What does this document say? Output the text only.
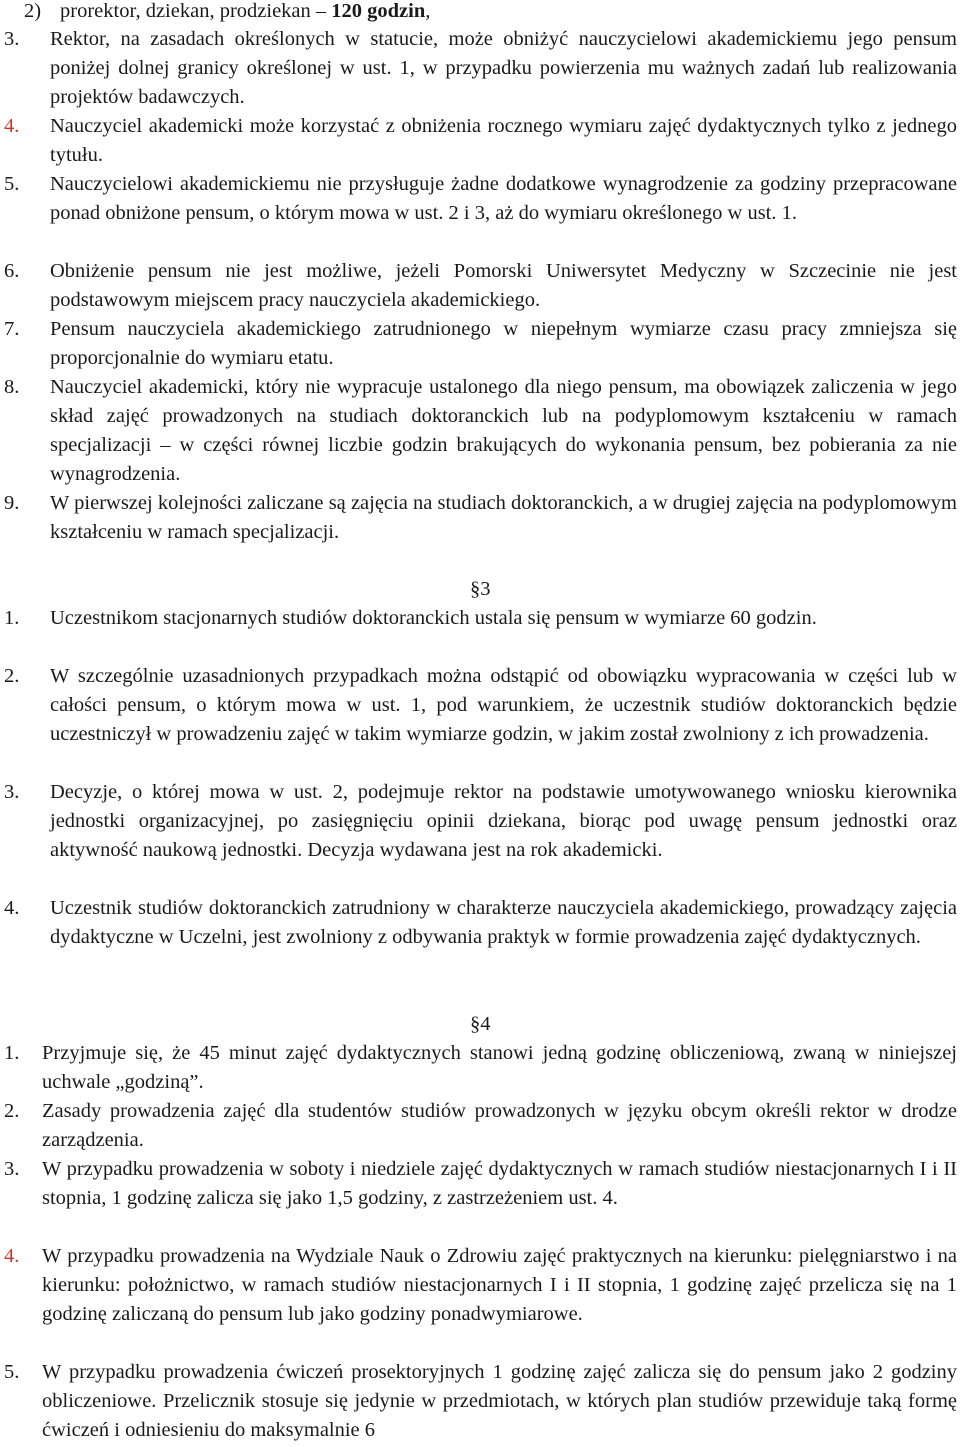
2) prorektor, dziekan, prodziekan – 120 godzin,
3.	Rektor, na zasadach określonych w statucie, może obniżyć nauczycielowi akademickiemu jego pensum poniżej dolnej granicy określonej w ust. 1, w przypadku powierzenia mu ważnych zadań lub realizowania projektów badawczych.
4.	Nauczyciel akademicki może korzystać z obniżenia rocznego wymiaru zajęć dydaktycznych tylko z jednego tytułu.
5.	Nauczycielowi akademickiemu nie przysługuje żadne dodatkowe wynagrodzenie za godziny przepracowane ponad obniżone pensum, o którym mowa w ust. 2 i 3, aż do wymiaru określonego w ust. 1.
6.	Obniżenie pensum nie jest możliwe, jeżeli Pomorski Uniwersytet Medyczny w Szczecinie nie jest podstawowym miejscem pracy nauczyciela akademickiego.
7.	Pensum nauczyciela akademickiego zatrudnionego w niepełnym wymiarze czasu pracy zmniejsza się proporcjonalnie do wymiaru etatu.
8.	Nauczyciel akademicki, który nie wypracuje ustalonego dla niego pensum, ma obowiązek zaliczenia w jego skład zajęć prowadzonych na studiach doktoranckich lub na podyplomowym kształceniu w ramach specjalizacji – w części równej liczbie godzin brakujących do wykonania pensum, bez pobierania za nie wynagrodzenia.
9.	W pierwszej kolejności zaliczane są zajęcia na studiach doktoranckich, a w drugiej zajęcia na podyplomowym kształceniu w ramach specjalizacji.
§3
1.	Uczestnikom stacjonarnych studiów doktoranckich ustala się pensum w wymiarze 60 godzin.
2.	W szczególnie uzasadnionych przypadkach można odstąpić od obowiązku wypracowania w części lub w całości pensum, o którym mowa w ust. 1, pod warunkiem, że uczestnik studiów doktoranckich będzie uczestniczył w prowadzeniu zajęć w takim wymiarze godzin, w jakim został zwolniony z ich prowadzenia.
3.	Decyzje, o której mowa w ust. 2, podejmuje rektor na podstawie umotywowanego wniosku kierownika jednostki organizacyjnej, po zasięgnięciu opinii dziekana, biorąc pod uwagę pensum jednostki oraz aktywność naukową jednostki. Decyzja wydawana jest na rok akademicki.
4.	Uczestnik studiów doktoranckich zatrudniony w charakterze nauczyciela akademickiego, prowadzący zajęcia dydaktyczne w Uczelni, jest zwolniony z odbywania praktyk w formie prowadzenia zajęć dydaktycznych.
§4
1.	Przyjmuje się, że 45 minut zajęć dydaktycznych stanowi jedną godzinę obliczeniową, zwaną w niniejszej uchwale „godziną”.
2.	Zasady prowadzenia zajęć dla studentów studiów prowadzonych w języku obcym określi rektor w drodze zarządzenia.
3.	W przypadku prowadzenia w soboty i niedziele zajęć dydaktycznych w ramach studiów niestacjonarnych I i II stopnia, 1 godzinę zalicza się jako 1,5 godziny, z zastrzeżeniem ust. 4.
4.	W przypadku prowadzenia na Wydziale Nauk o Zdrowiu zajęć praktycznych na kierunku: pielęgniarstwo i na kierunku: położnictwo, w ramach studiów niestacjonarnych I i II stopnia, 1 godzinę zajęć przelicza się na 1 godzinę zaliczaną do pensum lub jako godziny ponadwymiarowe.
5.	W przypadku prowadzenia ćwiczeń prosektoryjnych 1 godzinę zajęć zalicza się do pensum jako 2 godziny obliczeniowe. Przelicznik stosuje się jedynie w przedmiotach, w których plan studiów przewiduje taką formę ćwiczeń i odniesieniu do maksymalnie 6
